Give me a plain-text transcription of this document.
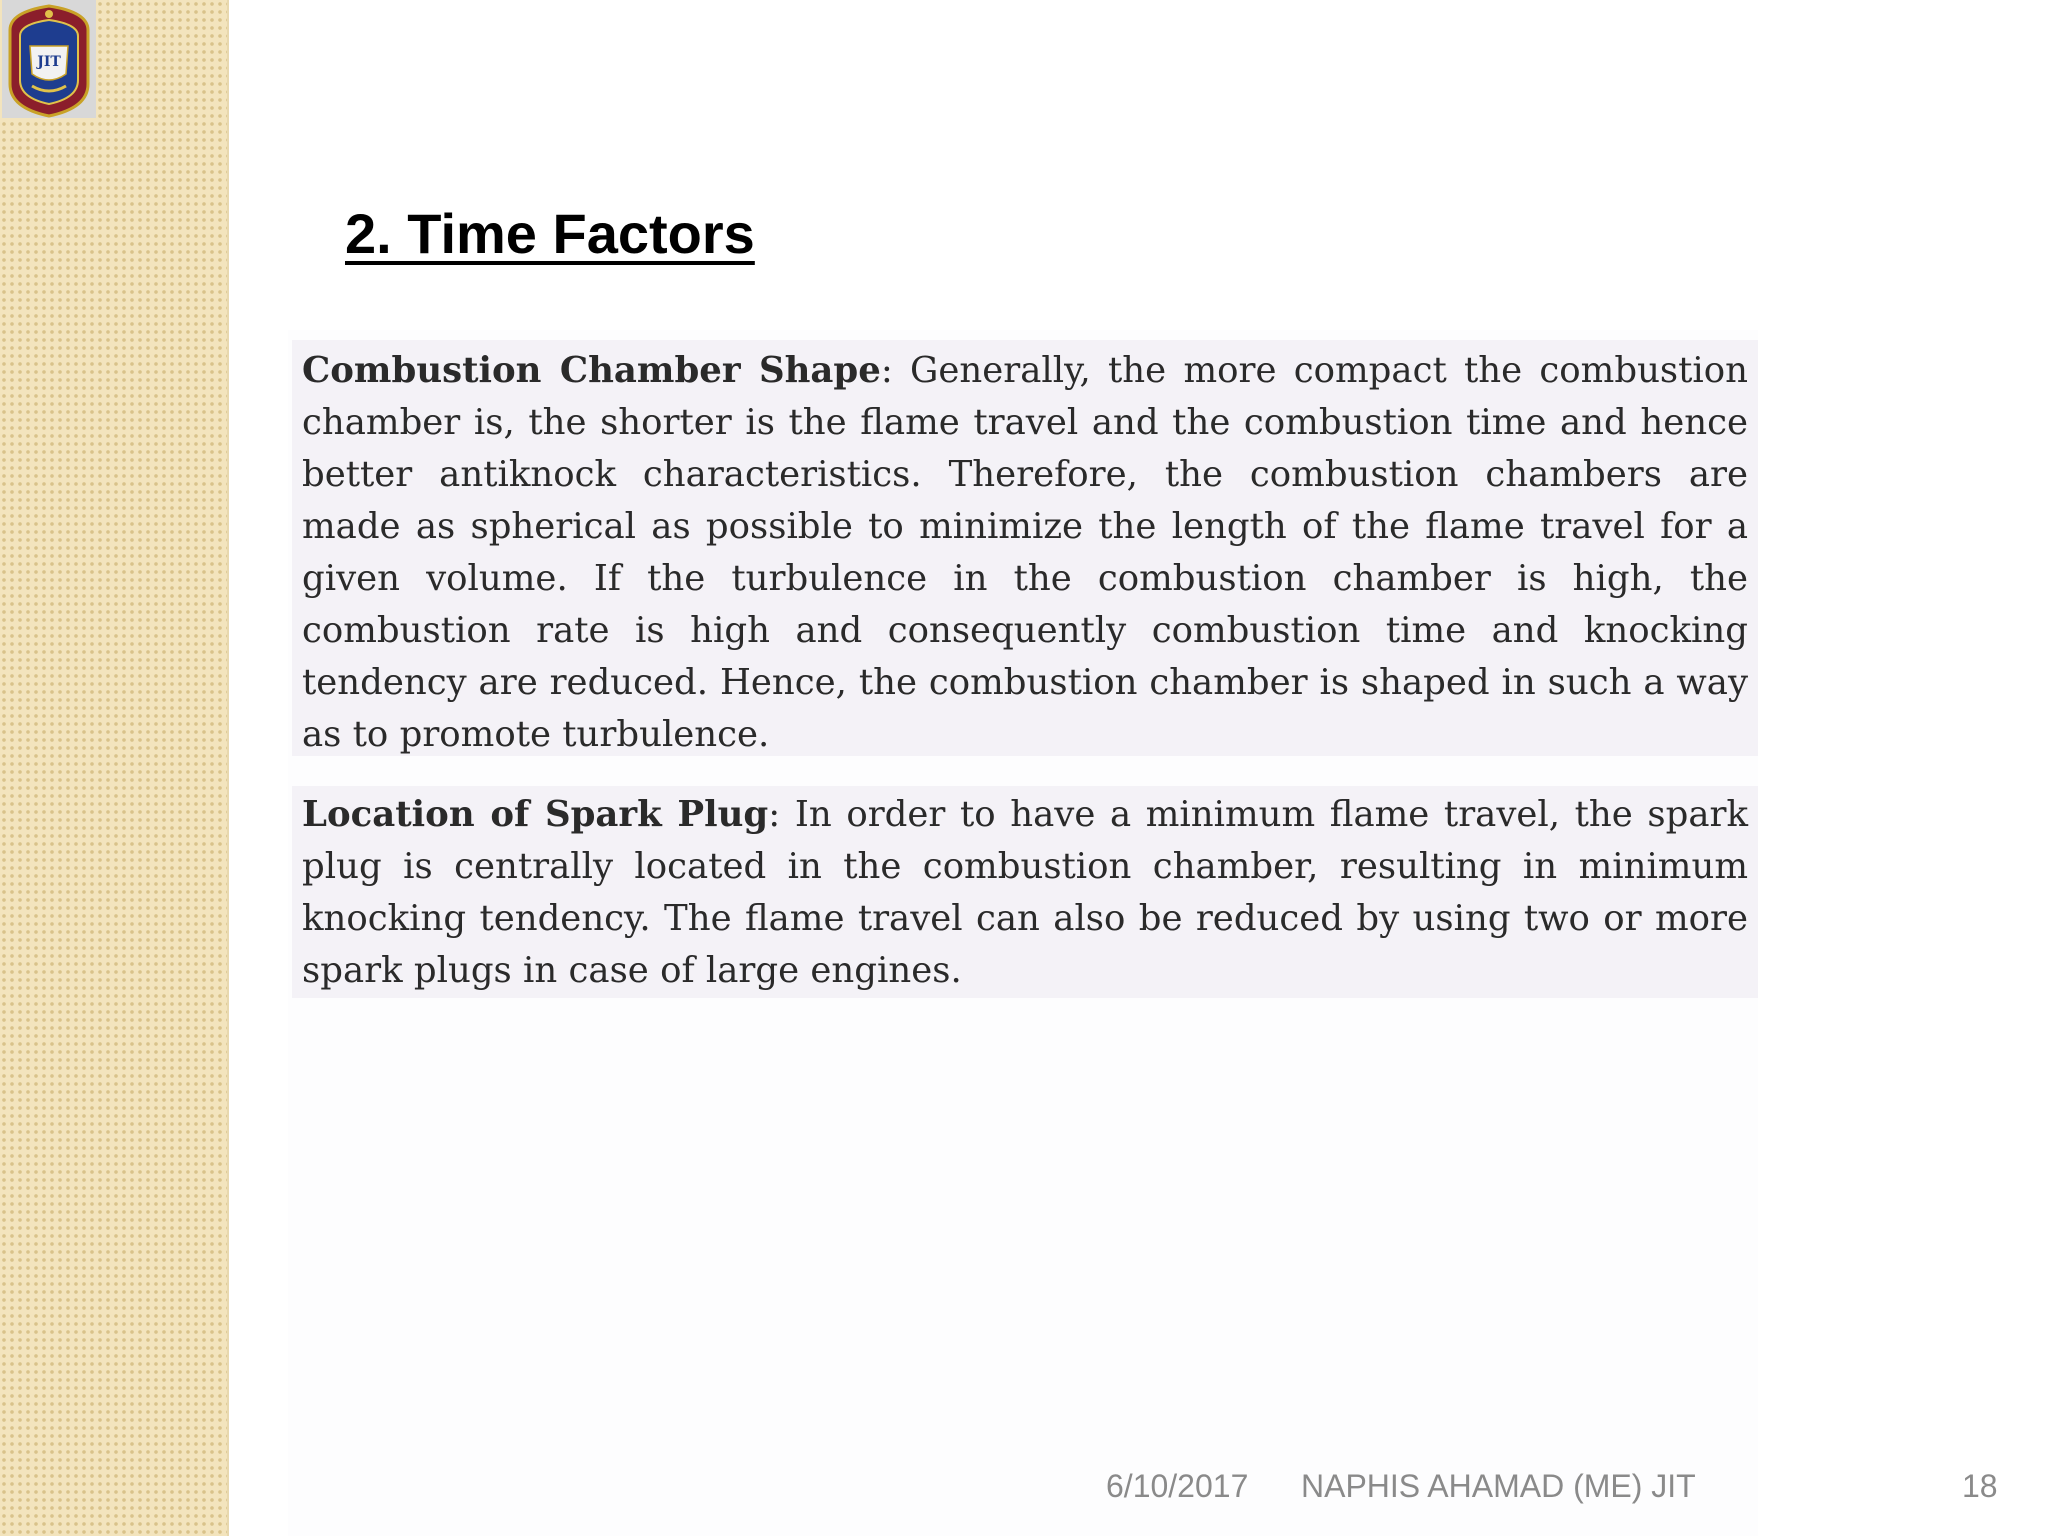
JIT
2. Time Factors

Combustion Chamber Shape: Generally, the more compact the combustion chamber is, the shorter is the flame travel and the combustion time and hence better antiknock characteristics. Therefore, the combustion chambers are made as spherical as possible to minimize the length of the flame travel for a given volume. If the turbulence in the combustion chamber is high, the combustion rate is high and consequently combustion time and knocking tendency are reduced. Hence, the combustion chamber is shaped in such a way as to promote turbulence.

Location of Spark Plug: In order to have a minimum flame travel, the spark plug is centrally located in the combustion chamber, resulting in minimum knocking tendency. The flame travel can also be reduced by using two or more spark plugs in case of large engines.

6/10/2017 NAPHIS AHAMAD (ME) JIT	18
